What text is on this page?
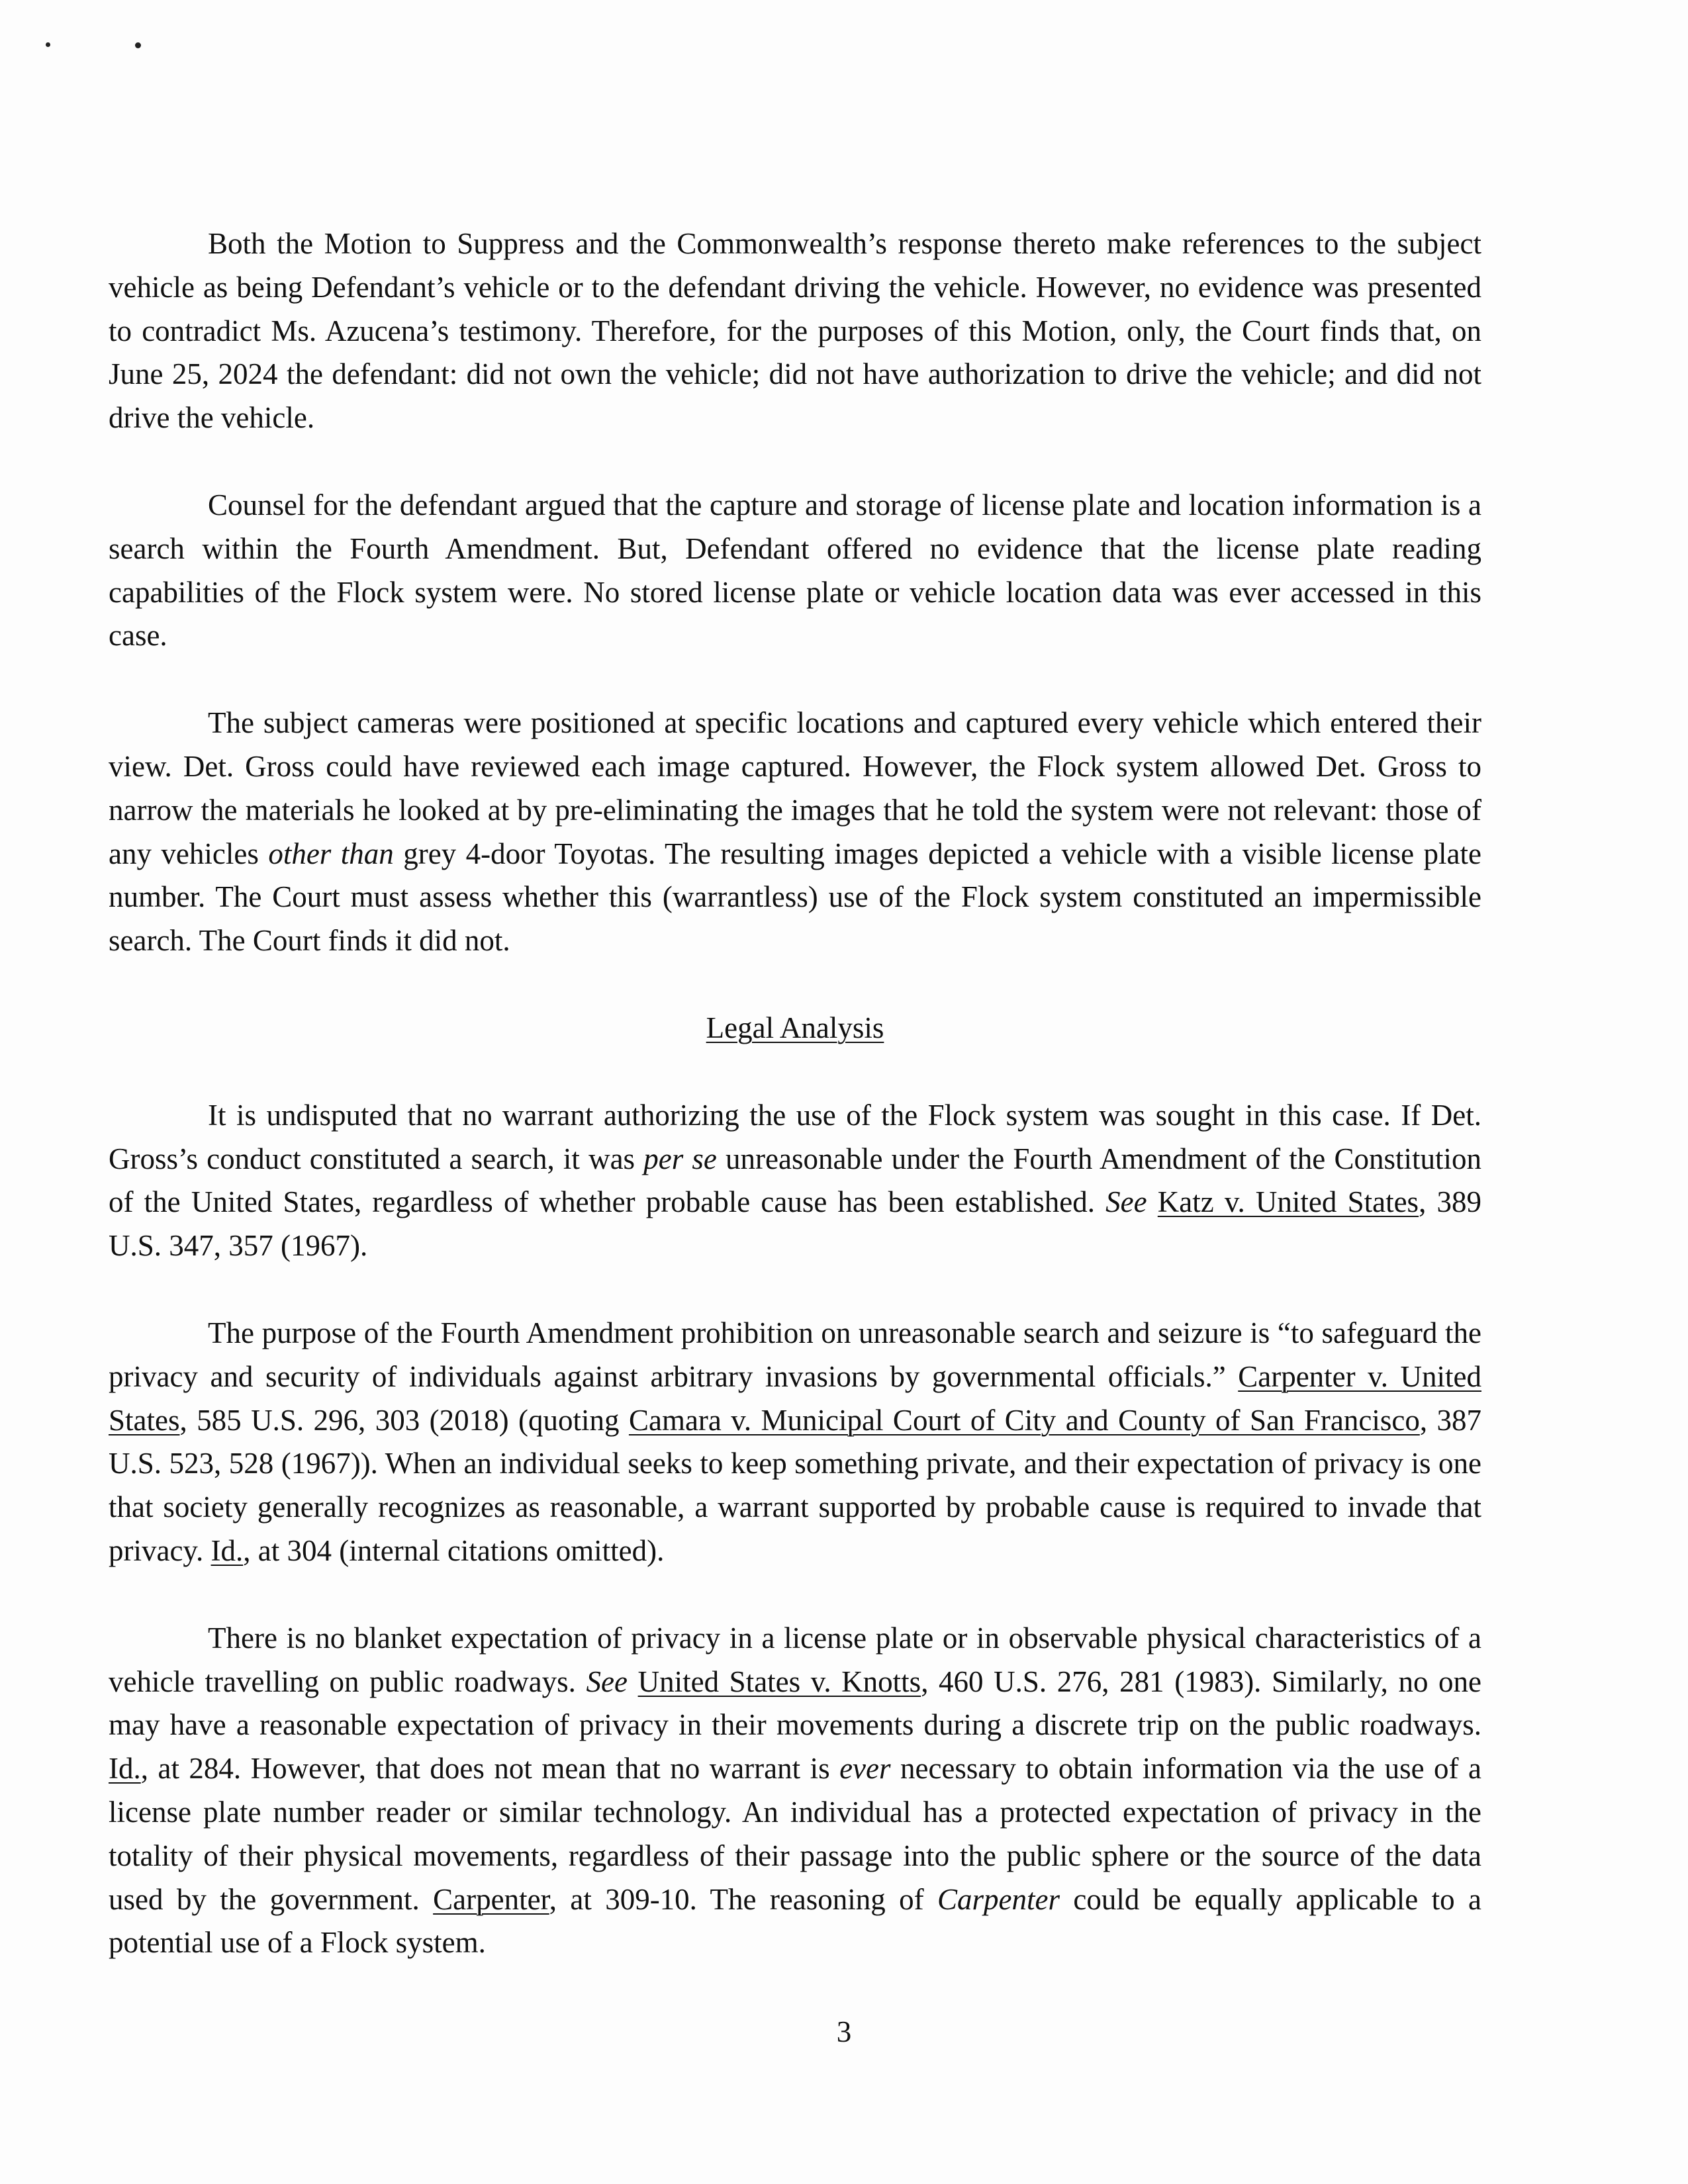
Both the Motion to Suppress and the Commonwealth’s response thereto make references to the subject vehicle as being Defendant’s vehicle or to the defendant driving the vehicle. However, no evidence was presented to contradict Ms. Azucena’s testimony. Therefore, for the purposes of this Motion, only, the Court finds that, on June 25, 2024 the defendant: did not own the vehicle; did not have authorization to drive the vehicle; and did not drive the vehicle.

Counsel for the defendant argued that the capture and storage of license plate and location information is a search within the Fourth Amendment. But, Defendant offered no evidence that the license plate reading capabilities of the Flock system were. No stored license plate or vehicle location data was ever accessed in this case.

The subject cameras were positioned at specific locations and captured every vehicle which entered their view. Det. Gross could have reviewed each image captured. However, the Flock system allowed Det. Gross to narrow the materials he looked at by pre-eliminating the images that he told the system were not relevant: those of any vehicles other than grey 4-door Toyotas. The resulting images depicted a vehicle with a visible license plate number. The Court must assess whether this (warrantless) use of the Flock system constituted an impermissible search. The Court finds it did not.

Legal Analysis

It is undisputed that no warrant authorizing the use of the Flock system was sought in this case. If Det. Gross’s conduct constituted a search, it was per se unreasonable under the Fourth Amendment of the Constitution of the United States, regardless of whether probable cause has been established. See Katz v. United States, 389 U.S. 347, 357 (1967).

The purpose of the Fourth Amendment prohibition on unreasonable search and seizure is “to safeguard the privacy and security of individuals against arbitrary invasions by governmental officials.” Carpenter v. United States, 585 U.S. 296, 303 (2018) (quoting Camara v. Municipal Court of City and County of San Francisco, 387 U.S. 523, 528 (1967)). When an individual seeks to keep something private, and their expectation of privacy is one that society generally recognizes as reasonable, a warrant supported by probable cause is required to invade that privacy. Id., at 304 (internal citations omitted).

There is no blanket expectation of privacy in a license plate or in observable physical characteristics of a vehicle travelling on public roadways. See United States v. Knotts, 460 U.S. 276, 281 (1983). Similarly, no one may have a reasonable expectation of privacy in their movements during a discrete trip on the public roadways. Id., at 284. However, that does not mean that no warrant is ever necessary to obtain information via the use of a license plate number reader or similar technology. An individual has a protected expectation of privacy in the totality of their physical movements, regardless of their passage into the public sphere or the source of the data used by the government. Carpenter, at 309-10. The reasoning of Carpenter could be equally applicable to a potential use of a Flock system.

3
